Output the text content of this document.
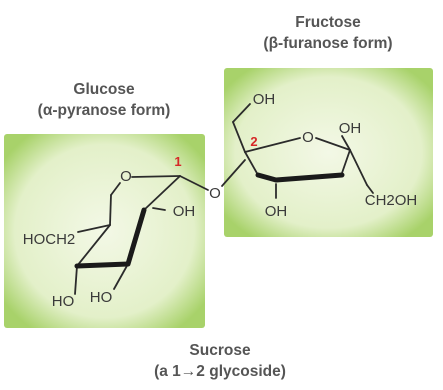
Fructose
(β-furanose form)
Glucose
(α-pyranose form)
Sucrose
(a 1→2 glycoside)
O
1
OH
HOCH2
HO HO
O
O
2
OH
OH
OH
CH2OH
